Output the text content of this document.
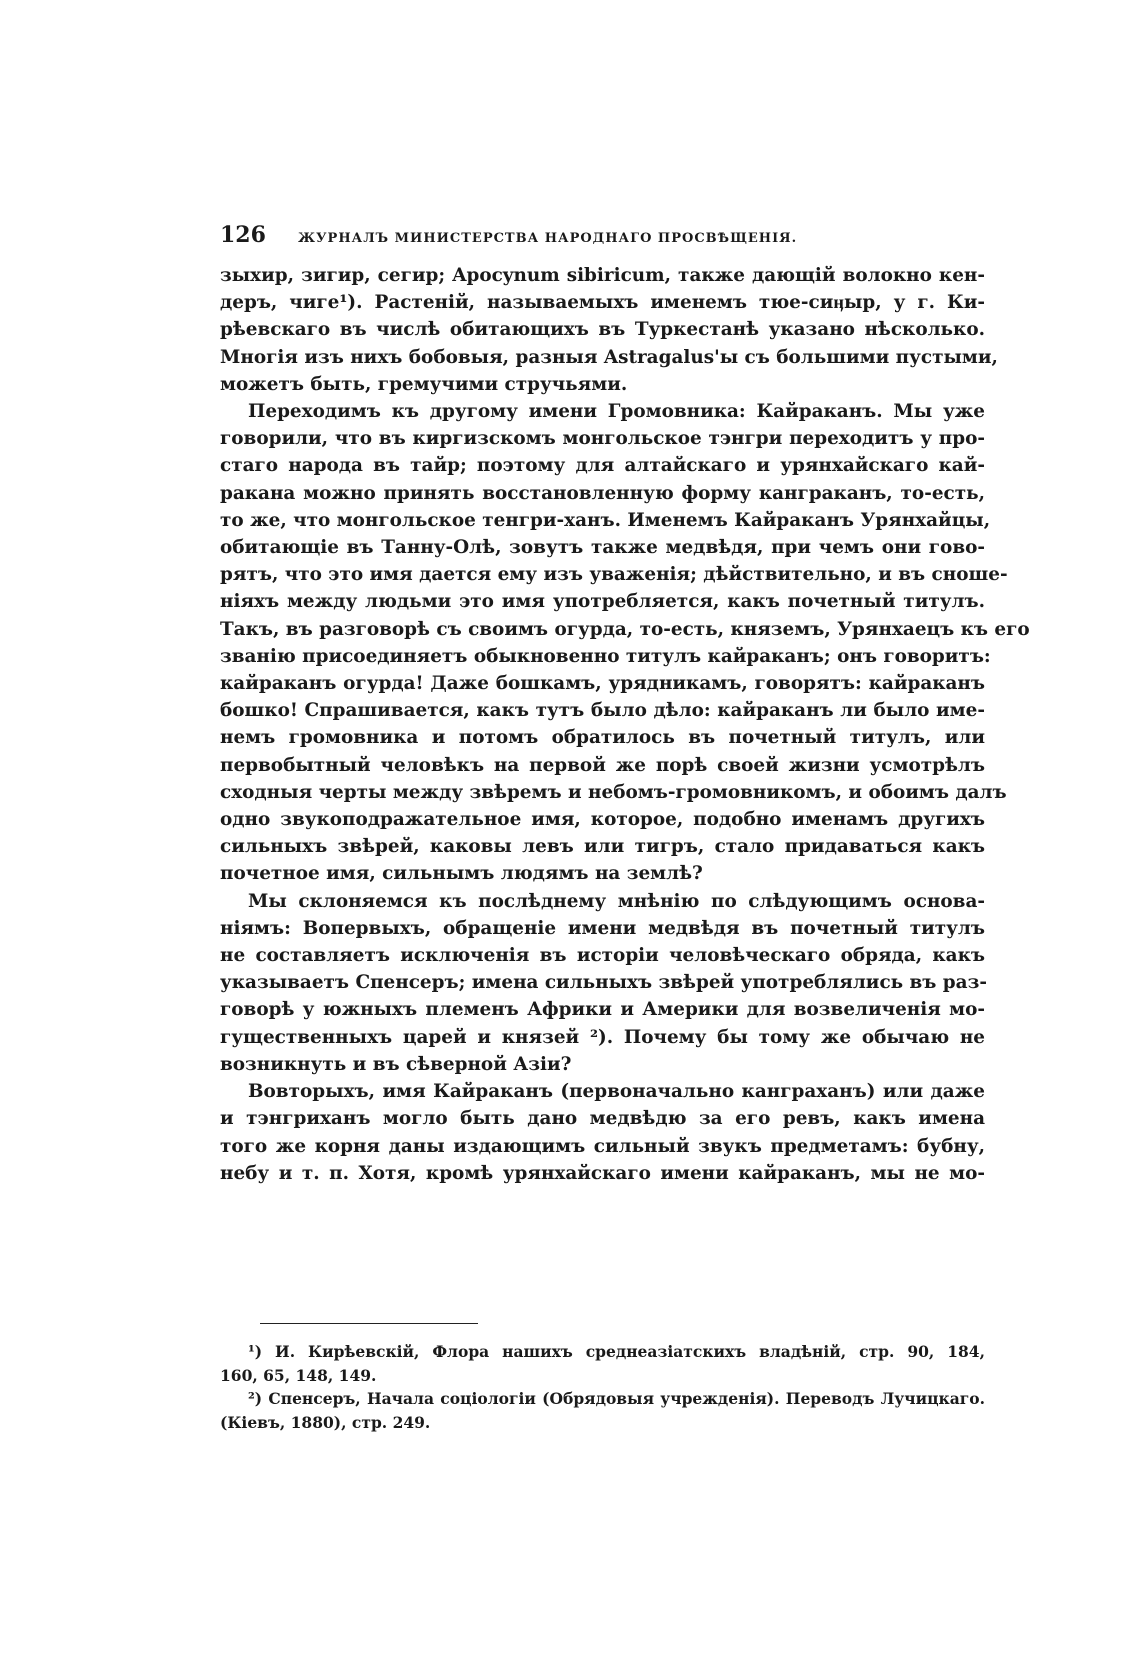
126 ЖУРНАЛЪ МИНИСТЕРСТВА НАРОДНАГО ПРОСВѢЩЕНІЯ.
зыхир, зигир, сегир; Apocynum sibiricum, также дающій волокно кен-
деръ, чиге¹). Растеній, называемыхъ именемъ тюе-сиӊыр, у г. Ки-
рѣевскаго въ числѣ обитающихъ въ Туркестанѣ указано нѣсколько.
Многія изъ нихъ бобовыя, разныя Astragalus'ы съ большими пустыми,
можетъ быть, гремучими стручьями.
Переходимъ къ другому имени Громовника: Кайраканъ. Мы уже
говорили, что въ киргизскомъ монгольское тэнгри переходитъ у про-
стаго народа въ тайр; поэтому для алтайскаго и урянхайскаго кай-
ракана можно принять восстановленную форму канграканъ, то-есть,
то же, что монгольское тенгри-ханъ. Именемъ Кайраканъ Урянхайцы,
обитающіе въ Танну-Олѣ, зовутъ также медвѣдя, при чемъ они гово-
рятъ, что это имя дается ему изъ уваженія; дѣйствительно, и въ сноше-
ніяхъ между людьми это имя употребляется, какъ почетный титулъ.
Такъ, въ разговорѣ съ своимъ огурда, то-есть, княземъ, Урянхаецъ къ его
званію присоединяетъ обыкновенно титулъ кайраканъ; онъ говоритъ:
кайраканъ огурда! Даже бошкамъ, урядникамъ, говорятъ: кайраканъ
бошко! Спрашивается, какъ тутъ было дѣло: кайраканъ ли было име-
немъ громовника и потомъ обратилось въ почетный титулъ, или
первобытный человѣкъ на первой же порѣ своей жизни усмотрѣлъ
сходныя черты между звѣремъ и небомъ-громовникомъ, и обоимъ далъ
одно звукоподражательное имя, которое, подобно именамъ другихъ
сильныхъ звѣрей, каковы левъ или тигръ, стало придаваться какъ
почетное имя, сильнымъ людямъ на землѣ?
Мы склоняемся къ послѣднему мнѣнію по слѣдующимъ основа-
ніямъ: Вопервыхъ, обращеніе имени медвѣдя въ почетный титулъ
не составляетъ исключенія въ исторіи человѣческаго обряда, какъ
указываетъ Спенсеръ; имена сильныхъ звѣрей употреблялись въ раз-
говорѣ у южныхъ племенъ Африки и Америки для возвеличенія мо-
гущественныхъ царей и князей ²). Почему бы тому же обычаю не
возникнуть и въ сѣверной Азіи?
Вовторыхъ, имя Кайраканъ (первоначально канграханъ) или даже
и тэнгриханъ могло быть дано медвѣдю за его ревъ, какъ имена
того же корня даны издающимъ сильный звукъ предметамъ: бубну,
небу и т. п. Хотя, кромѣ урянхайскаго имени кайраканъ, мы не мо-
¹) И. Кирѣевскій, Флора нашихъ среднеазіатскихъ владѣній, стр. 90, 184,
160, 65, 148, 149.
²) Спенсеръ, Начала соціологіи (Обрядовыя учрежденія). Переводъ Лучицкаго.
(Кіевъ, 1880), стр. 249.
